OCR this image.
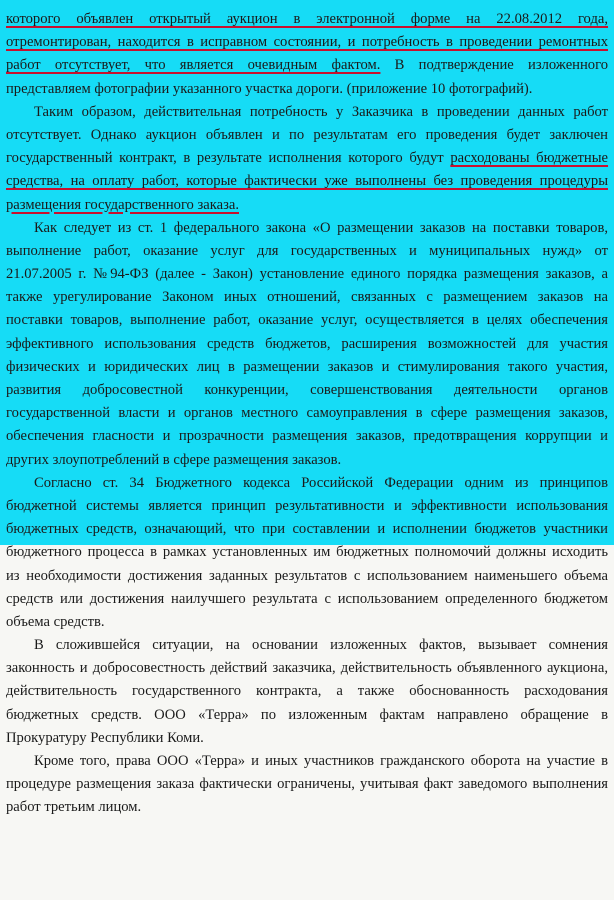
которого объявлен открытый аукцион в электронной форме на 22.08.2012 года,
отремонтирован, находится в исправном состоянии, и потребность в проведении ремонтных
работ отсутствует, что является очевидным фактом. В подтверждение изложенного
представляем фотографии указанного участка дороги. (приложение 10 фотографий).
Таким образом, действительная потребность у Заказчика в проведении данных работ
отсутствует. Однако аукцион объявлен и по результатам его проведения будет заключен
государственный контракт, в результате исполнения которого будут расходованы бюджетные
средства, на оплату работ, которые фактически уже выполнены без проведения процедуры
размещения государственного заказа.
Как следует из ст. 1 федерального закона «О размещении заказов на поставки товаров,
выполнение работ, оказание услуг для государственных и муниципальных нужд» от
21.07.2005 г. №94-ФЗ (далее - Закон) установление единого порядка размещения заказов, а
также урегулирование Законом иных отношений, связанных с размещением заказов на
поставки товаров, выполнение работ, оказание услуг, осуществляется в целях обеспечения
эффективного использования средств бюджетов, расширения возможностей для участия
физических и юридических лиц в размещении заказов и стимулирования такого участия,
развития добросовестной конкуренции, совершенствования деятельности органов
государственной власти и органов местного самоуправления в сфере размещения заказов,
обеспечения гласности и прозрачности размещения заказов, предотвращения коррупции и
других злоупотреблений в сфере размещения заказов.
Согласно ст. 34 Бюджетного кодекса Российской Федерации одним из принципов
бюджетной системы является принцип результативности и эффективности использования
бюджетных средств, означающий, что при составлении и исполнении бюджетов участники
бюджетного процесса в рамках установленных им бюджетных полномочий должны исходить
из необходимости достижения заданных результатов с использованием наименьшего объема
средств или достижения наилучшего результата с использованием определенного бюджетом
объема средств.
В сложившейся ситуации, на основании изложенных фактов, вызывает сомнения
законность и добросовестность действий заказчика, действительность объявленного аукциона,
действительность государственного контракта, а также обоснованность расходования
бюджетных средств. ООО «Терра» по изложенным фактам направлено обращение в
Прокуратуру Республики Коми.
Кроме того, права ООО «Терра» и иных участников гражданского оборота на участие в
процедуре размещения заказа фактически ограничены, учитывая факт заведомого выполнения
работ третьим лицом.
